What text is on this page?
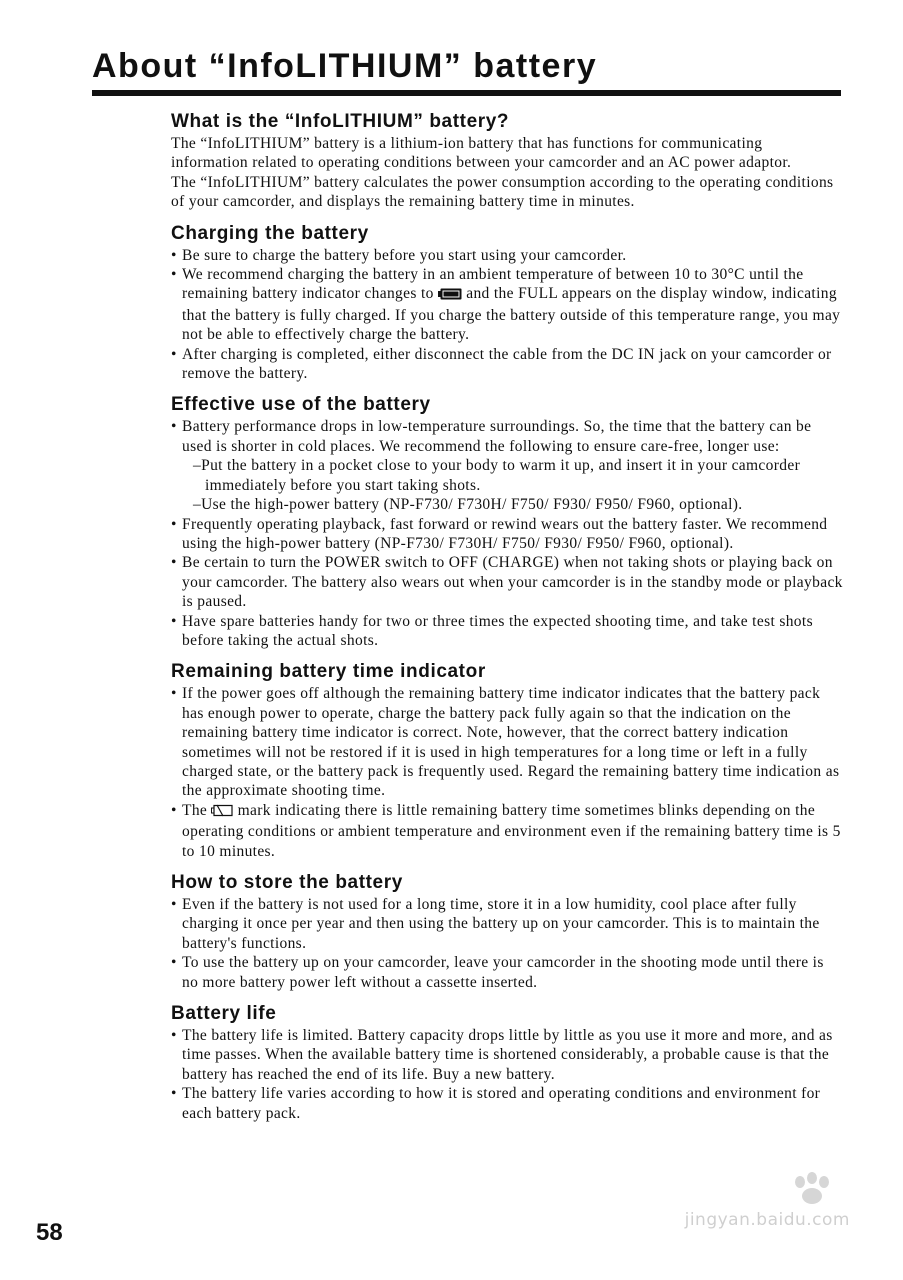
About “InfoLITHIUM” battery
What is the “InfoLITHIUM” battery?

The “InfoLITHIUM” battery is a lithium-ion battery that has functions for communicating information related to operating conditions between your camcorder and an AC power adaptor.

The “InfoLITHIUM” battery calculates the power consumption according to the operating conditions of your camcorder, and displays the remaining battery time in minutes.

Charging the battery
• Be sure to charge the battery before you start using your camcorder.
• We recommend charging the battery in an ambient temperature of between 10 to 30°C until the remaining battery indicator changes to and the FULL appears on the display window, indicating that the battery is fully charged. If you charge the battery outside of this temperature range, you may not be able to effectively charge the battery.
• After charging is completed, either disconnect the cable from the DC IN jack on your camcorder or remove the battery.
Effective use of the battery
• Battery performance drops in low-temperature surroundings. So, the time that the battery can be used is shorter in cold places. We recommend the following to ensure care-free, longer use:
–Put the battery in a pocket close to your body to warm it up, and insert it in your camcorder immediately before you start taking shots.
–Use the high-power battery (NP-F730/ F730H/ F750/ F930/ F950/ F960, optional).
• Frequently operating playback, fast forward or rewind wears out the battery faster. We recommend using the high-power battery (NP-F730/ F730H/ F750/ F930/ F950/ F960, optional).
• Be certain to turn the POWER switch to OFF (CHARGE) when not taking shots or playing back on your camcorder. The battery also wears out when your camcorder is in the standby mode or playback is paused.
• Have spare batteries handy for two or three times the expected shooting time, and take test shots before taking the actual shots.
Remaining battery time indicator
• If the power goes off although the remaining battery time indicator indicates that the battery pack has enough power to operate, charge the battery pack fully again so that the indication on the remaining battery time indicator is correct. Note, however, that the correct battery indication sometimes will not be restored if it is used in high temperatures for a long time or left in a fully charged state, or the battery pack is frequently used. Regard the remaining battery time indication as the approximate shooting time.
• The mark indicating there is little remaining battery time sometimes blinks depending on the operating conditions or ambient temperature and environment even if the remaining battery time is 5 to 10 minutes.
How to store the battery
• Even if the battery is not used for a long time, store it in a low humidity, cool place after fully charging it once per year and then using the battery up on your camcorder. This is to maintain the battery's functions.
• To use the battery up on your camcorder, leave your camcorder in the shooting mode until there is no more battery power left without a cassette inserted.
Battery life
• The battery life is limited. Battery capacity drops little by little as you use it more and more, and as time passes. When the available battery time is shortened considerably, a probable cause is that the battery has reached the end of its life. Buy a new battery.
• The battery life varies according to how it is stored and operating conditions and environment for each battery pack.
58	jingyan.baidu.com
